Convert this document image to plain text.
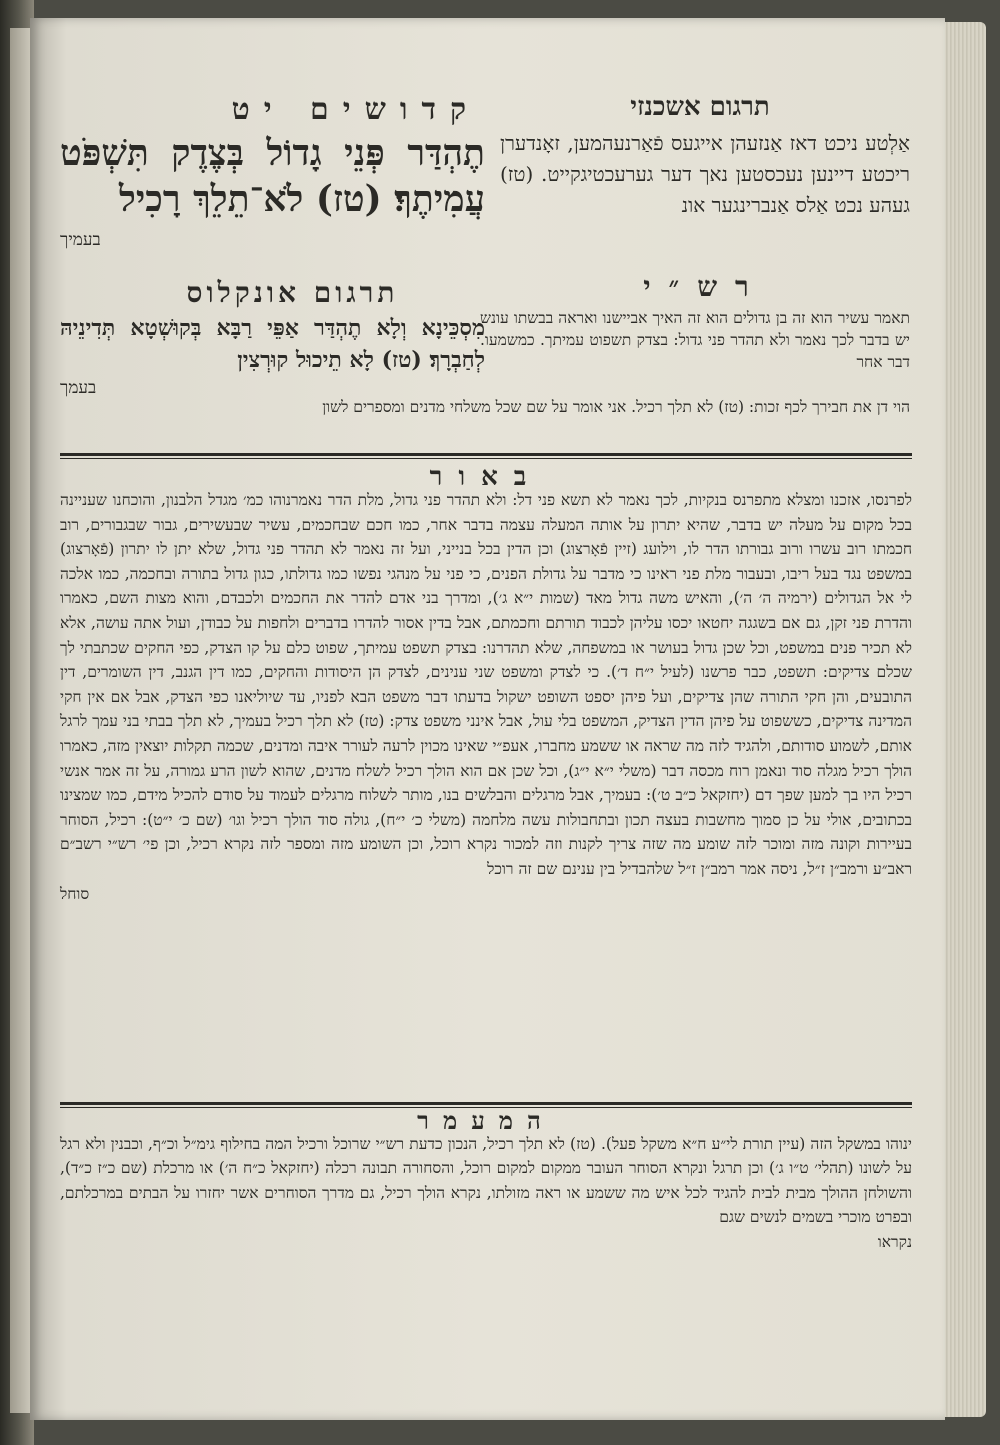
קדושים יט	תרגום אשכנזי
תֶהְדַּר פְּנֵי גָדוֹל בְּצֶדֶק תִּשְׁפֹּט עֲמִיתֶךָ׃ (טז) לֹא־תֵלֵךְ רָכִיל
בעמיך
אַלְטע ניכט דאז אַנזעהן אייגעס פֿאַרנעהמען, זאָנדערן ריכטע דיינען נעכסטען נאך דער גערעכטיגקייט. (טז) געהע נכט אַלס אַנברינגער אונ
תרגום אונקלוס
מִסְכֵּינָא וְלָא תֶהְדַּר אַפֵּי רַבָּא בְּקוּשְׁטָא תְּדִינֵיהּ לְחַבְרָךְ׃ (טז) לָא תֵיכוּל קוּרְצִין
בעמך
רש״י
תאמר עשיר הוא זה בן גדולים הוא זה האיך אביישנו ואראה בבשתו עונש יש בדבר לכך נאמר ולא תהדר פני גדול: בצדק תשפוט עמיתך. כמשמעו. דבר אחר
הוי דן את חבירך לכף זכות: (טז) לא תלך רכיל. אני אומר על שם שכל משלחי מדנים ומספרים לשון
באור
לפרנסו, אזכנו ומצלא מתפרנס בנקיות, לכך נאמר לא תשא פני דל: ולא תהדר פני גדול, מלת הדר נאמרנוהו כמ׳ מגדל הלבנון, והוכחנו שעניינה בכל מקום על מעלה יש בדבר, שהיא יתרון על אותה המעלה עצמה בדבר אחר, כמו חכם שבחכמים, עשיר שבעשירים, גבור שבגבורים, רוב חכמתו רוב עשרו ורוב גבורתו הדר לו, וילועג (זיין פֿאָרצוג) וכן הדין בכל בנייני, ועל זה נאמר לא תהדר פני גדול, שלא יתן לו יתרון (פֿאָרצוג) במשפט נגד בעל ריבו, ובעבור מלת פני ראינו כי מדבר על גדולת הפנים, כי פני על מנהגי נפשו כמו גדולתו, כגון גדול בתורה ובחכמה, כמו אלכה לי אל הגדולים (ירמיה ה׳ ה׳), והאיש משה גדול מאד (שמות י״א ג׳), ומדרך בני אדם להדר את החכמים ולכבדם, והוא מצות השם, כאמרו והדרת פני זקן, גם אם בשגגה יחטאו יכסו עליהן לכבוד תורתם וחכמתם, אבל בדין אסור להדרו בדברים ולחפות על כבודן, ועול אתה עושה, אלא לא תכיר פנים במשפט, וכל שכן גדול בעושר או במשפחה, שלא תהדרנו: בצדק תשפט עמיתך, שפוט כלם על קו הצדק, כפי החקים שכתבתי לך שכלם צדיקים: תשפט, כבר פרשנו (לעיל י״ח ד׳). כי לצדק ומשפט שני ענינים, לצדק הן היסודות והחקים, כמו דין הגנב, דין השומרים, דין התובעים, והן חקי התורה שהן צדיקים, ועל פיהן יספט השופט ישקול בדעתו דבר משפט הבא לפניו, עד שיוליאנו כפי הצדק, אבל אם אין חקי המדינה צדיקים, כששפוט על פיהן הדין הצדיק, המשפט בלי עול, אבל אינני משפט צדק: (טז) לא תלך רכיל בעמיך, לא תלך בבתי בני עמך לרגל אותם, לשמוע סודותם, ולהגיד לזה מה שראה או ששמע מחברו, אעפ״י שאינו מכוין לרעה לעורר איבה ומדנים, שכמה תקלות יוצאין מזה, כאמרו הולך רכיל מגלה סוד ונאמן רוח מכסה דבר (משלי י״א י״ג), וכל שכן אם הוא הולך רכיל לשלח מדנים, שהוא לשון הרע גמורה, על זה אמר אנשי רכיל היו בך למען שפך דם (יחזקאל כ״ב ט׳): בעמיך, אבל מרגלים והבלשים בנו, מותר לשלוח מרגלים לעמוד על סודם להכיל מידם, כמו שמצינו בכתובים, אולי על כן סמוך מחשבות בעצה תכון ובתחבולות עשה מלחמה (משלי כ׳ י״ח), גולה סוד הולך רכיל וגו׳ (שם כ׳ י״ט): רכיל, הסוחר בעיירות וקונה מזה ומוכר לזה שומע מה שזה צריך לקנות וזה למכור נקרא רוכל, וכן השומע מזה ומספר לזה נקרא רכיל, וכן פי׳ רש״י רשב״ם ראב״ע ורמב״ן ז״ל, ניסה אמר רמב״ן ז״ל שלהבדיל בין ענינם שם זה רוכל
סוחל
המעמר
ינוהו במשקל הזה (עיין תורת לי״ע ח״א משקל פעל). (טז) לא תלך רכיל, הנכון כדעת רש״י שרוכל ורכיל המה בחילוף גימ״ל וכ״ף, וכבנין ולא רגל על לשונו (תהלי׳ ט״ו ג׳) וכן תרגל ונקרא הסוחר העובר ממקום למקום רוכל, והסחורה תבונה רכלה (יחזקאל כ״ח ה׳) או מרכלת (שם כ״ז כ״ד), והשולחן ההולך מבית לבית להגיד לכל איש מה ששמע או ראה מזולתו, נקרא הולך רכיל, גם מדרך הסוחרים אשר יחזרו על הבתים במרכלתם, ובפרט מוכרי בשמים לנשים שגם
נקראו
